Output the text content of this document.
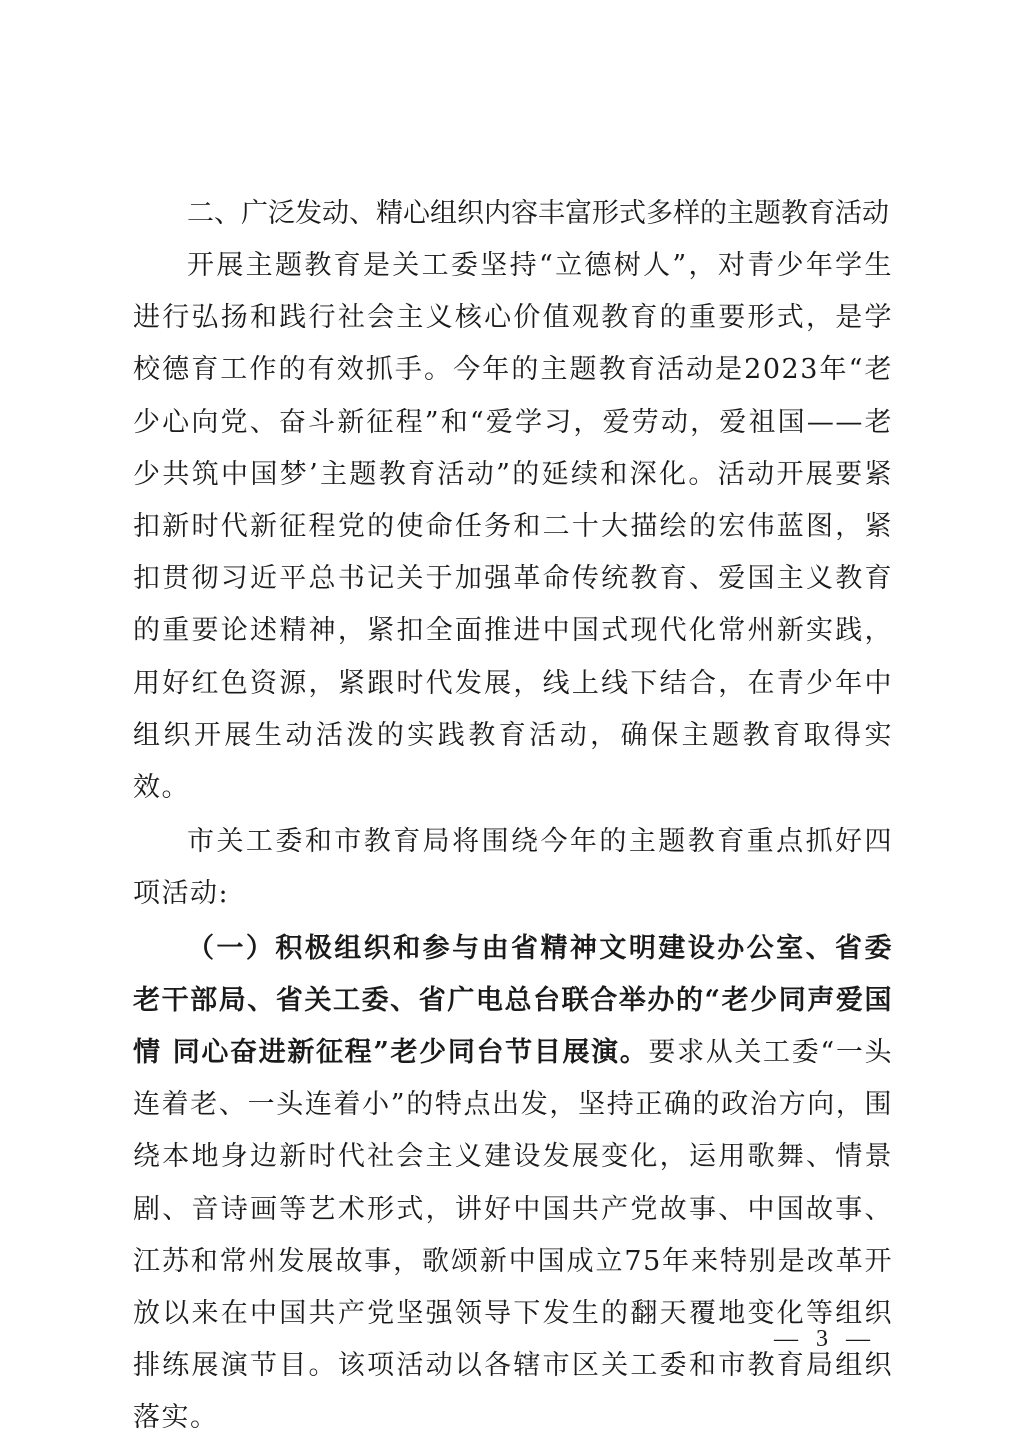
二、广泛发动、精心组织内容丰富形式多样的主题教育活动

开展主题教育是关工委坚持“立德树人”，对青少年学生进行弘扬和践行社会主义核心价值观教育的重要形式，是学校德育工作的有效抓手。今年的主题教育活动是2023年“老少心向党、奋斗新征程”和“爱学习，爱劳动，爱祖国——老少共筑中国梦’主题教育活动”的延续和深化。活动开展要紧扣新时代新征程党的使命任务和二十大描绘的宏伟蓝图，紧扣贯彻习近平总书记关于加强革命传统教育、爱国主义教育的重要论述精神，紧扣全面推进中国式现代化常州新实践，用好红色资源，紧跟时代发展，线上线下结合，在青少年中组织开展生动活泼的实践教育活动，确保主题教育取得实效。

市关工委和市教育局将围绕今年的主题教育重点抓好四项活动:

（一）积极组织和参与由省精神文明建设办公室、省委老干部局、省关工委、省广电总台联合举办的“老少同声爱国情 同心奋进新征程”老少同台节目展演。要求从关工委“一头连着老、一头连着小”的特点出发，坚持正确的政治方向，围绕本地身边新时代社会主义建设发展变化，运用歌舞、情景剧、音诗画等艺术形式，讲好中国共产党故事、中国故事、江苏和常州发展故事，歌颂新中国成立75年来特别是改革开放以来在中国共产党坚强领导下发生的翻天覆地变化等组织排练展演节目。该项活动以各辖市区关工委和市教育局组织落实。

— 3 —
